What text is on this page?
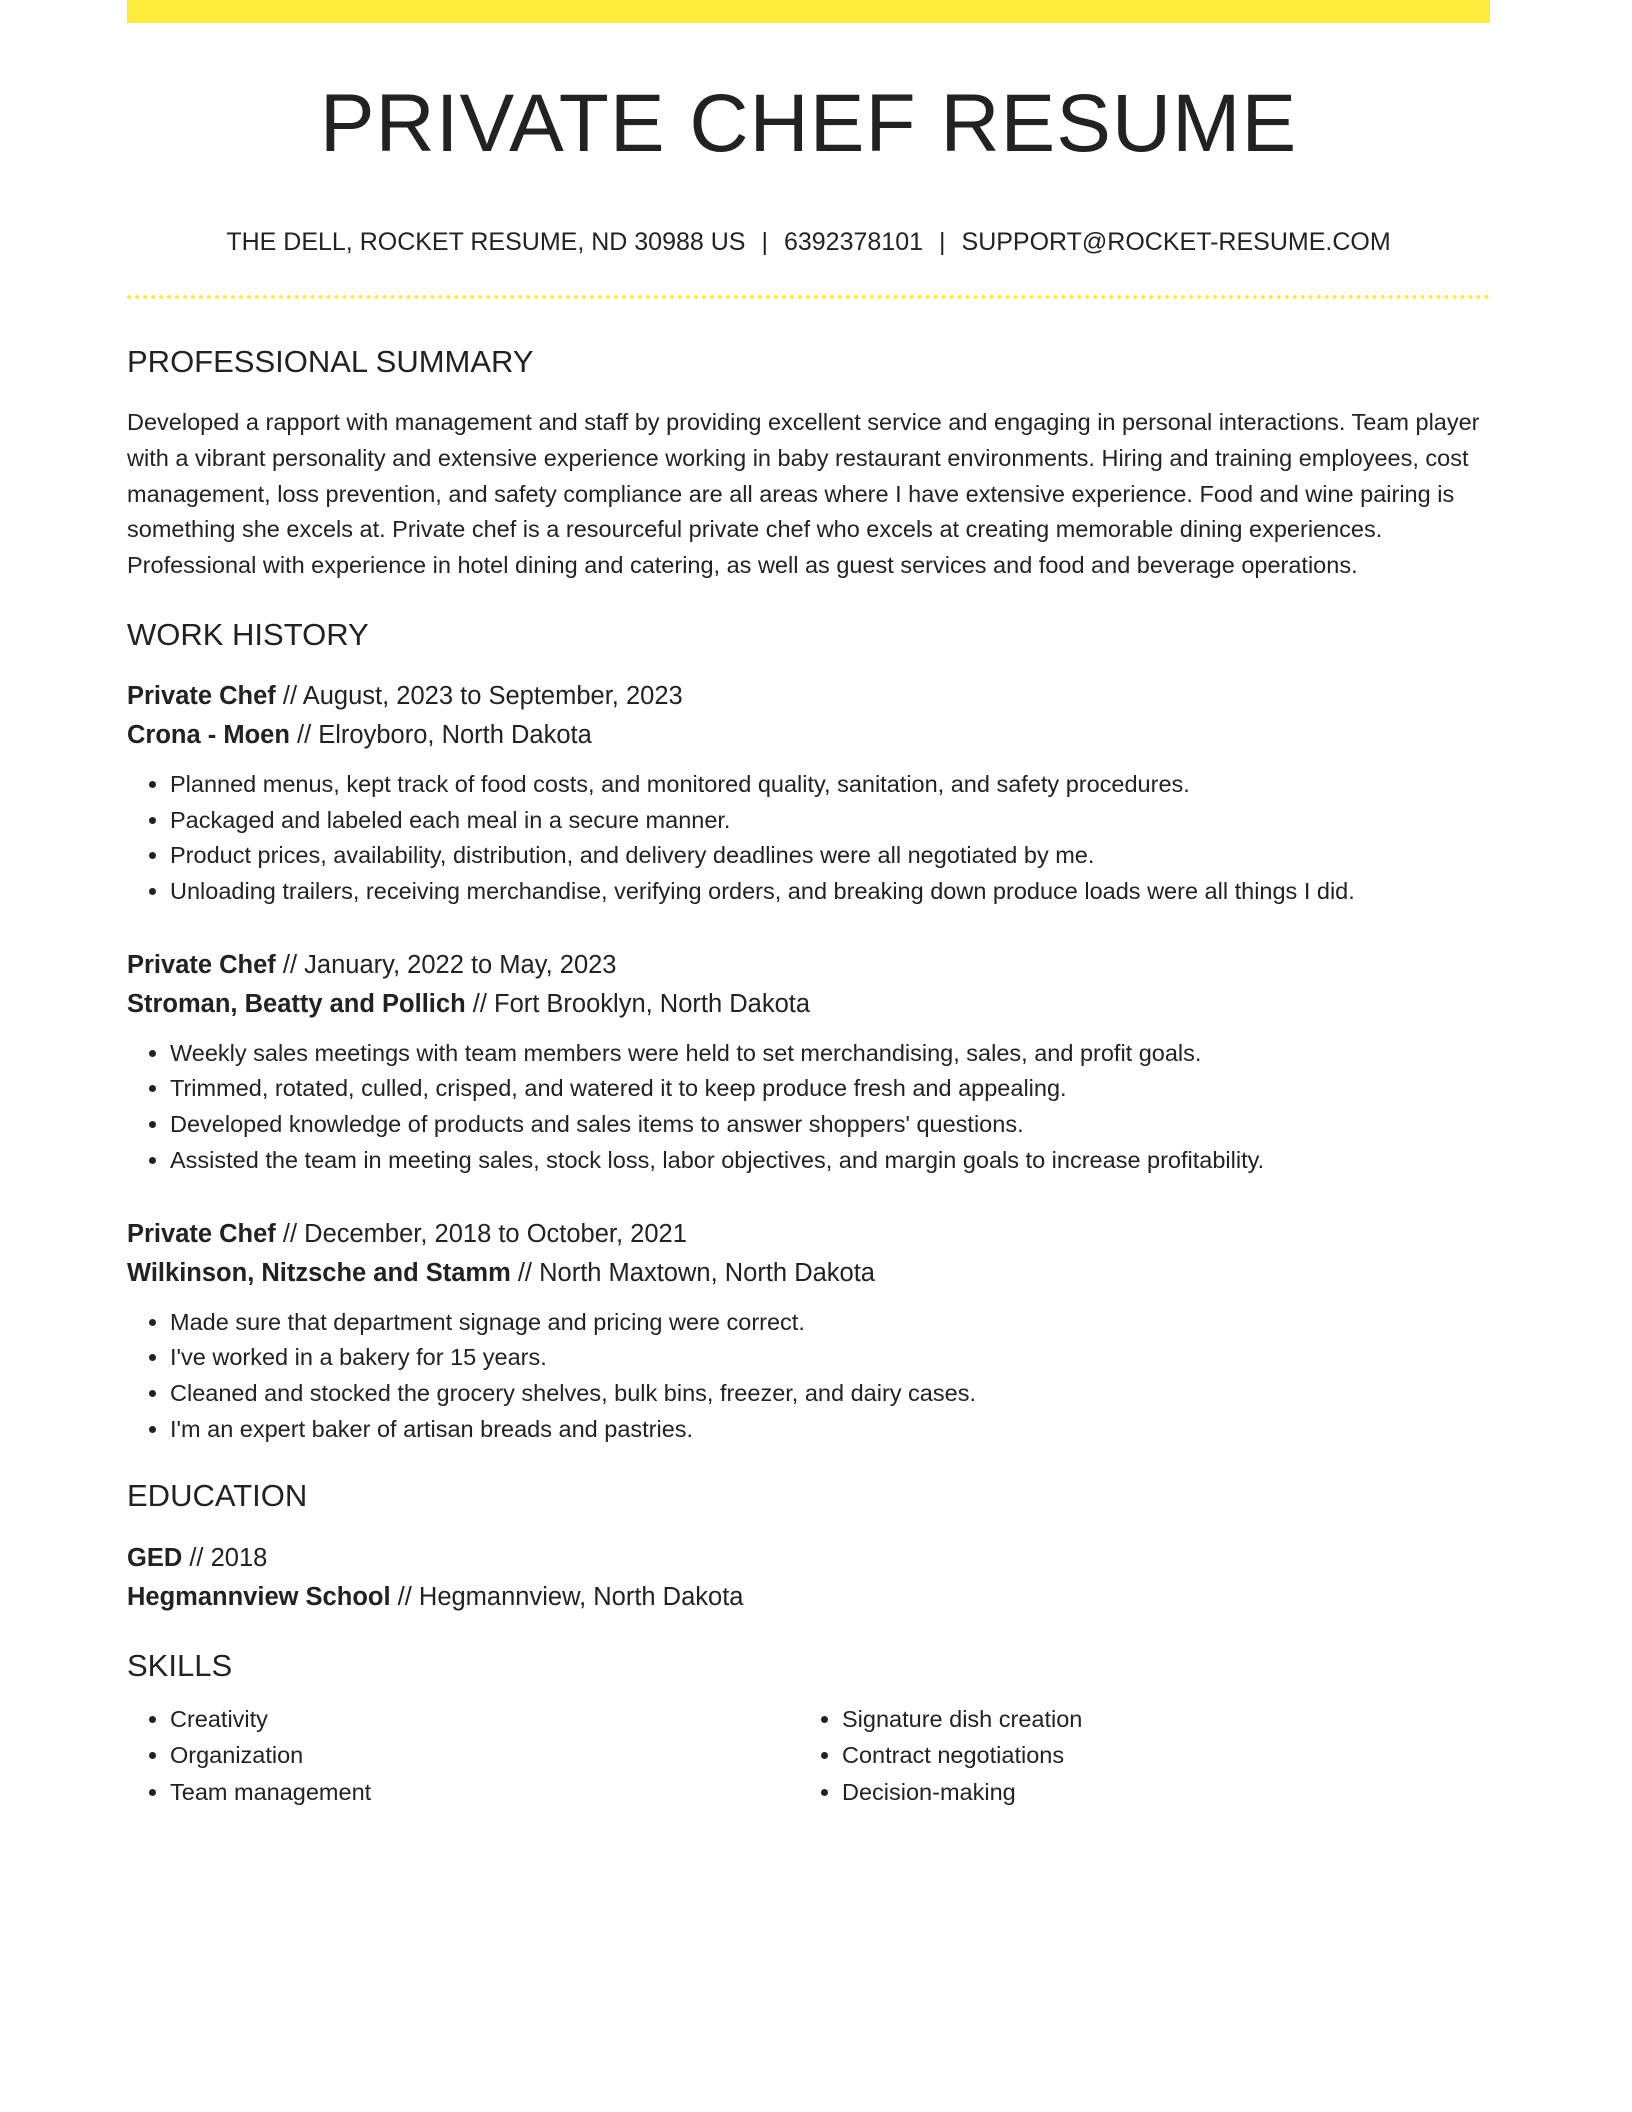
PRIVATE CHEF RESUME
THE DELL, ROCKET RESUME, ND 30988 US | 6392378101 | SUPPORT@ROCKET-RESUME.COM
PROFESSIONAL SUMMARY

Developed a rapport with management and staff by providing excellent service and engaging in personal interactions. Team player with a vibrant personality and extensive experience working in baby restaurant environments. Hiring and training employees, cost management, loss prevention, and safety compliance are all areas where I have extensive experience. Food and wine pairing is something she excels at. Private chef is a resourceful private chef who excels at creating memorable dining experiences. Professional with experience in hotel dining and catering, as well as guest services and food and beverage operations.

WORK HISTORY
Private Chef // August, 2023 to September, 2023
Crona - Moen // Elroyboro, North Dakota
• Planned menus, kept track of food costs, and monitored quality, sanitation, and safety procedures.
• Packaged and labeled each meal in a secure manner.
• Product prices, availability, distribution, and delivery deadlines were all negotiated by me.
• Unloading trailers, receiving merchandise, verifying orders, and breaking down produce loads were all things I did.
Private Chef // January, 2022 to May, 2023
Stroman, Beatty and Pollich // Fort Brooklyn, North Dakota
• Weekly sales meetings with team members were held to set merchandising, sales, and profit goals.
• Trimmed, rotated, culled, crisped, and watered it to keep produce fresh and appealing.
• Developed knowledge of products and sales items to answer shoppers' questions.
• Assisted the team in meeting sales, stock loss, labor objectives, and margin goals to increase profitability.
Private Chef // December, 2018 to October, 2021
Wilkinson, Nitzsche and Stamm // North Maxtown, North Dakota
• Made sure that department signage and pricing were correct.
• I've worked in a bakery for 15 years.
• Cleaned and stocked the grocery shelves, bulk bins, freezer, and dairy cases.
• I'm an expert baker of artisan breads and pastries.
EDUCATION
GED // 2018
Hegmannview School // Hegmannview, North Dakota
SKILLS
• Creativity
• Organization
• Team management
• Signature dish creation
• Contract negotiations
• Decision-making
